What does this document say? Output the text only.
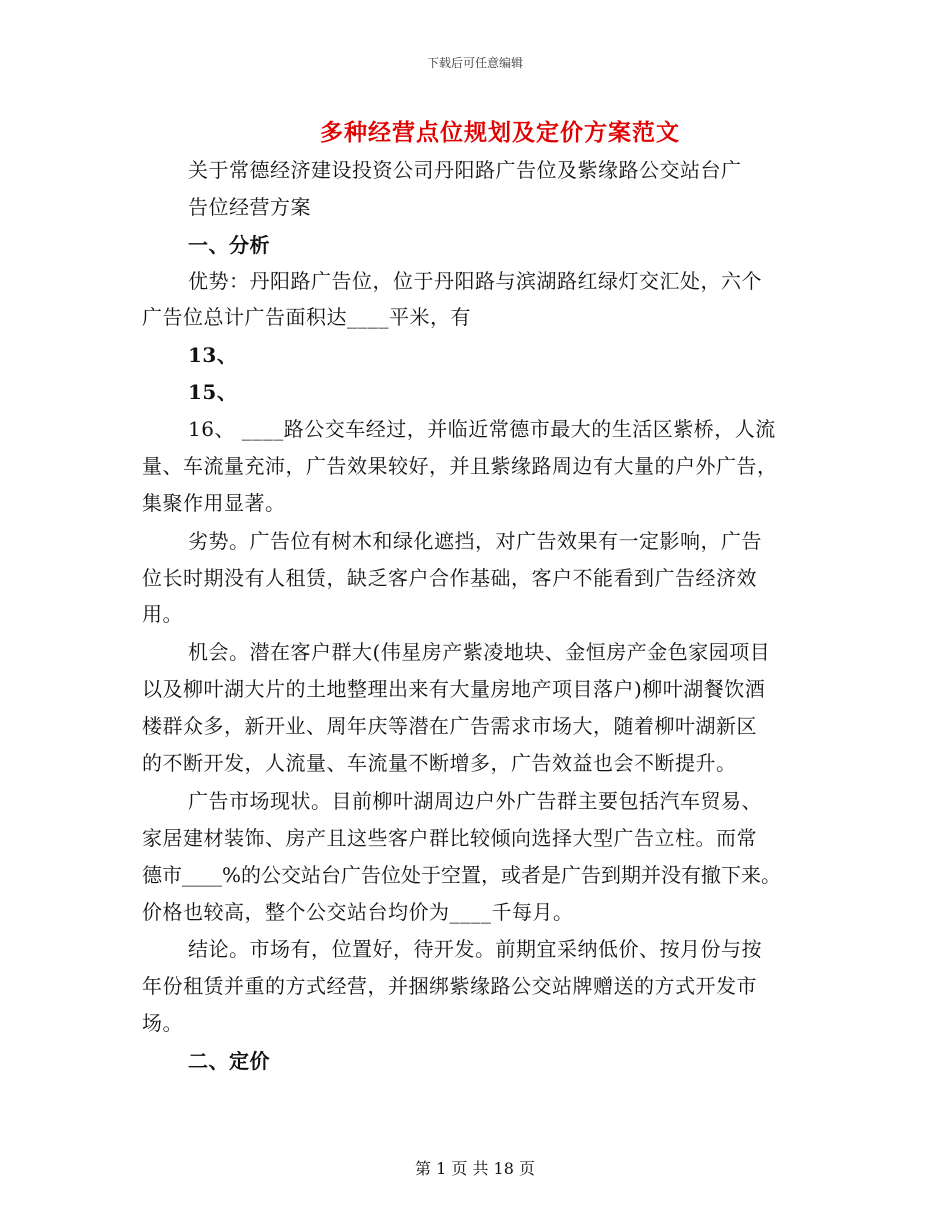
下载后可任意编辑
多种经营点位规划及定价方案范文
关于常德经济建设投资公司丹阳路广告位及紫缘路公交站台广
告位经营方案
一、分析
优势：丹阳路广告位，位于丹阳路与滨湖路红绿灯交汇处，六个
广告位总计广告面积达____平米，有
13、
15、
16、 ____路公交车经过，并临近常德市最大的生活区紫桥，人流
量、车流量充沛，广告效果较好，并且紫缘路周边有大量的户外广告，
集聚作用显著。
劣势。广告位有树木和绿化遮挡，对广告效果有一定影响，广告
位长时期没有人租赁，缺乏客户合作基础，客户不能看到广告经济效
用。
机会。潜在客户群大(伟星房产紫凌地块、金恒房产金色家园项目
以及柳叶湖大片的土地整理出来有大量房地产项目落户)柳叶湖餐饮酒
楼群众多，新开业、周年庆等潜在广告需求市场大，随着柳叶湖新区
的不断开发，人流量、车流量不断增多，广告效益也会不断提升。
广告市场现状。目前柳叶湖周边户外广告群主要包括汽车贸易、
家居建材装饰、房产且这些客户群比较倾向选择大型广告立柱。而常
德市____%的公交站台广告位处于空置，或者是广告到期并没有撤下来。
价格也较高，整个公交站台均价为____千每月。
结论。市场有，位置好，待开发。前期宜采纳低价、按月份与按
年份租赁并重的方式经营，并捆绑紫缘路公交站牌赠送的方式开发市
场。
二、定价
第 1 页 共 18 页
